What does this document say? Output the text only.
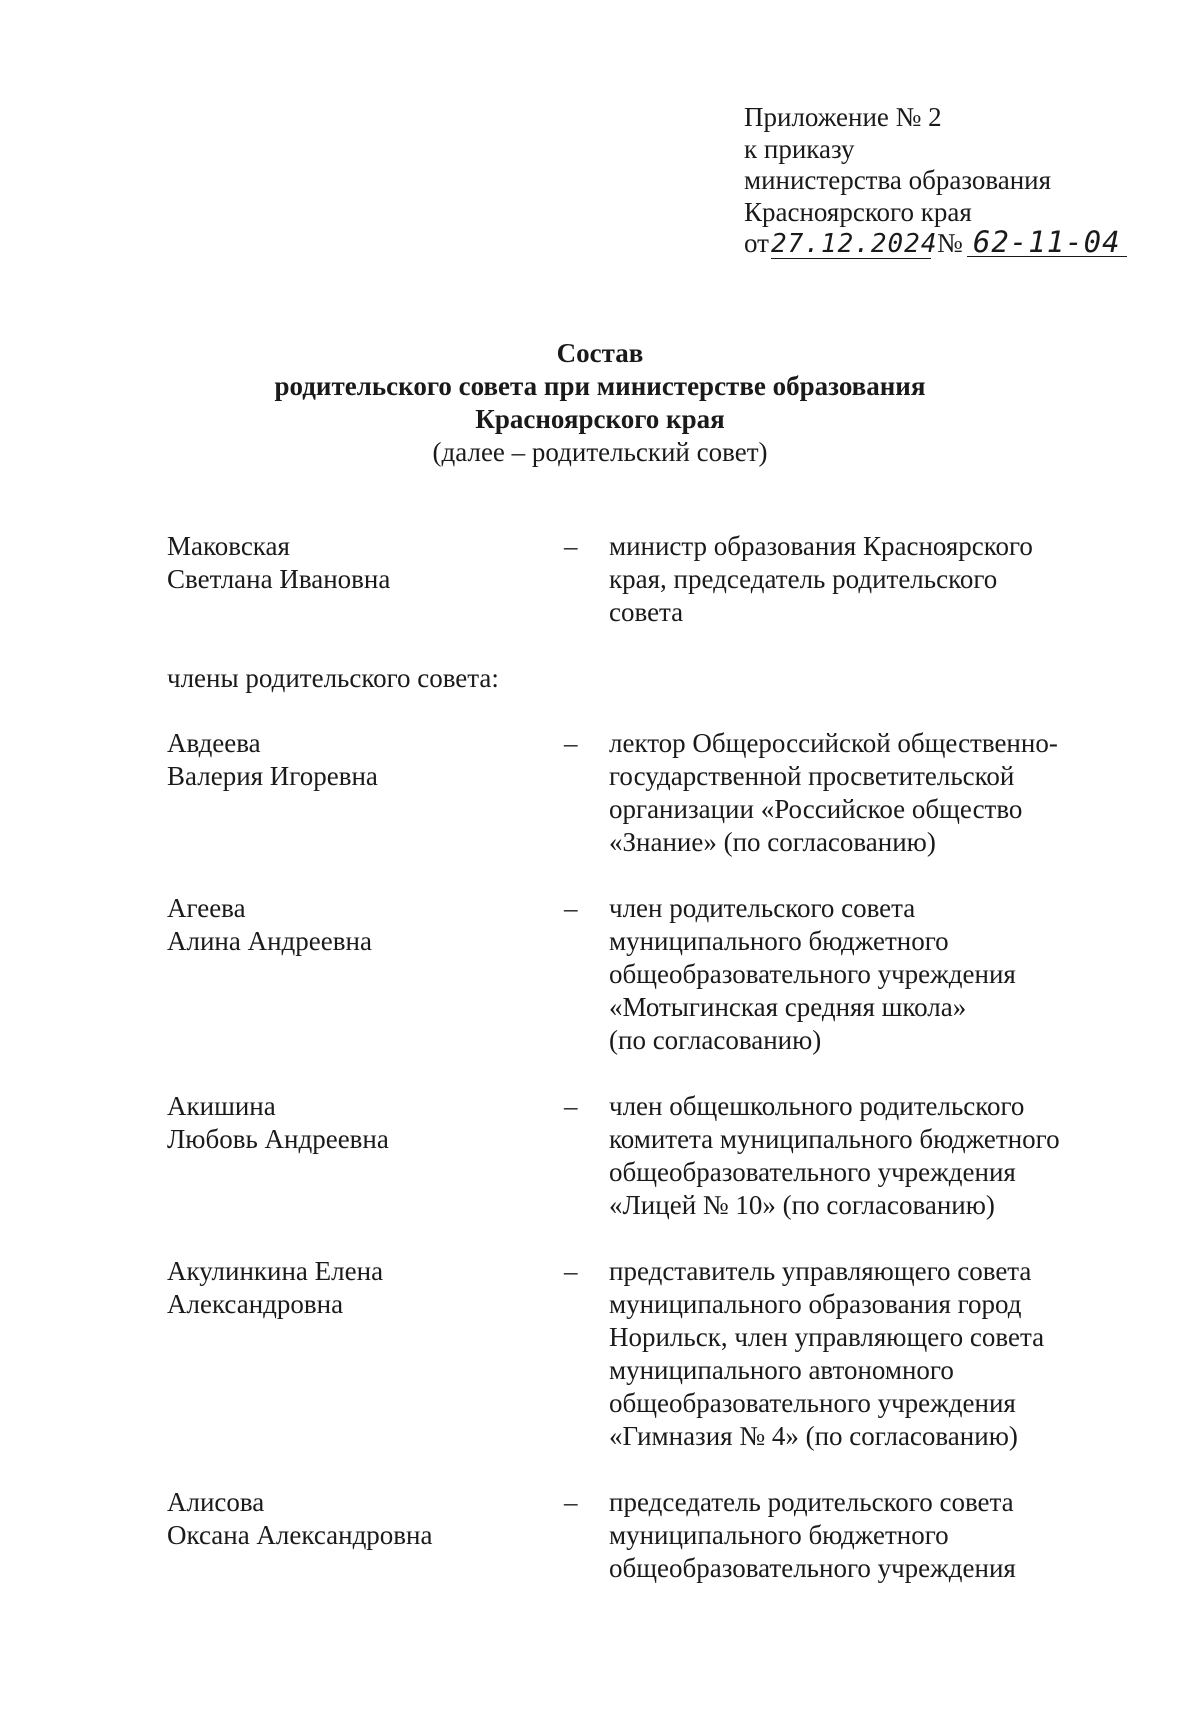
Приложение № 2
к приказу
министерства образования
Красноярского края
от 27.12.2024 № 62-11-04
Состав
родительского совета при министерстве образования
Красноярского края
(далее – родительский совет)
Маковская
Светлана Ивановна
–	министр образования Красноярского
края, председатель родительского
совета
члены родительского совета:
Авдеева
Валерия Игоревна
–	лектор Общероссийской общественно-
государственной просветительской
организации «Российское общество
«Знание» (по согласованию)
Агеева
Алина Андреевна
–	член родительского совета
муниципального бюджетного
общеобразовательного учреждения
«Мотыгинская средняя школа»
(по согласованию)
Акишина
Любовь Андреевна
–	член общешкольного родительского
комитета муниципального бюджетного
общеобразовательного учреждения
«Лицей № 10» (по согласованию)
Акулинкина Елена
Александровна
–	представитель управляющего совета
муниципального образования город
Норильск, член управляющего совета
муниципального автономного
общеобразовательного учреждения
«Гимназия № 4» (по согласованию)
Алисова
Оксана Александровна
–	председатель родительского совета
муниципального бюджетного
общеобразовательного учреждения
